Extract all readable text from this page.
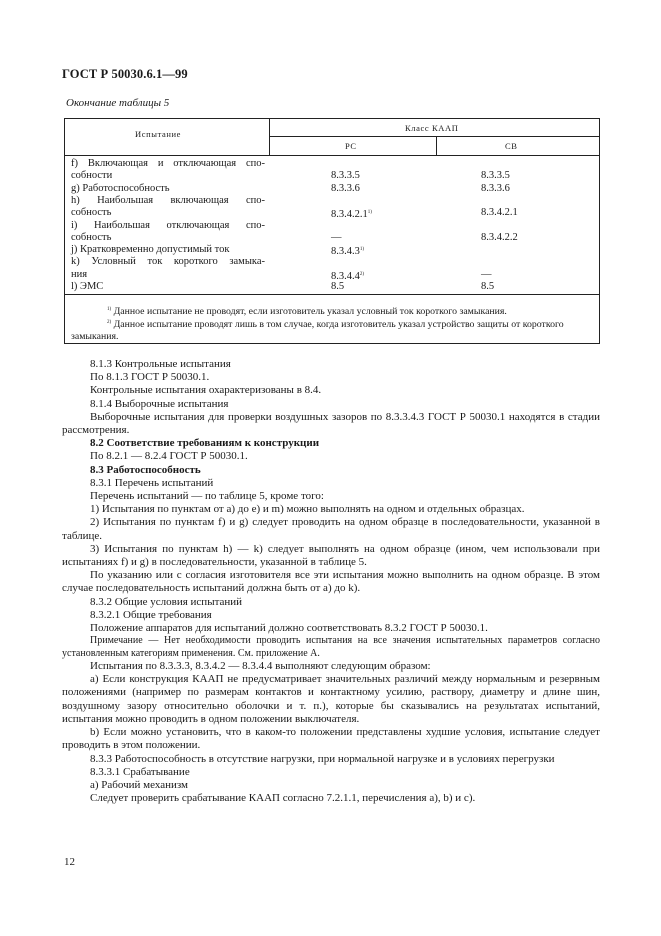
ГОСТ Р 50030.6.1—99
Окончание таблицы 5
Испытание
Класс КААП
РС	СВ
f) Включающая и отключающая спо-
собности	8.3.3.5	8.3.3.5
g) Работоспособность	8.3.3.6	8.3.3.6
h) Наибольшая включающая спо-
собность	8.3.4.2.1$^{1)}$	8.3.4.2.1
i) Наибольшая отключающая спо-
собность	—	8.3.4.2.2
j) Кратковременно допустимый ток	8.3.4.3$^{1)}$
k) Условный ток короткого замыка-
ния	8.3.4.4$^{2)}$	—
l) ЭМС	8.5	8.5
$^{1)}$ Данное испытание не проводят, если изготовитель указал условный ток короткого замыкания.
$^{2)}$ Данное испытание проводят лишь в том случае, когда изготовитель указал устройство защиты от короткого замыкания.

8.1.3 Контрольные испытания

По 8.1.3 ГОСТ Р 50030.1.

Контрольные испытания охарактеризованы в 8.4.

8.1.4 Выборочные испытания

Выборочные испытания для проверки воздушных зазоров по 8.3.3.4.3 ГОСТ Р 50030.1 находятся в стадии рассмотрения.

8.2 Соответствие требованиям к конструкции

По 8.2.1 — 8.2.4 ГОСТ Р 50030.1.

8.3 Работоспособность

8.3.1 Перечень испытаний

Перечень испытаний — по таблице 5, кроме того:

1) Испытания по пунктам от a) до e) и m) можно выполнять на одном и отдельных образцах.

2) Испытания по пунктам f) и g) следует проводить на одном образце в последовательности, указанной в таблице.

3) Испытания по пунктам h) — k) следует выполнять на одном образце (ином, чем использовали при испытаниях f) и g) в последовательности, указанной в таблице 5.

По указанию или с согласия изготовителя все эти испытания можно выполнить на одном образце. В этом случае последовательность испытаний должна быть от a) до k).

8.3.2 Общие условия испытаний

8.3.2.1 Общие требования

Положение аппаратов для испытаний должно соответствовать 8.3.2 ГОСТ Р 50030.1.

Примечание — Нет необходимости проводить испытания на все значения испытательных параметров согласно установленным категориям применения. См. приложение А.

Испытания по 8.3.3.3, 8.3.4.2 — 8.3.4.4 выполняют следующим образом:

a) Если конструкция КААП не предусматривает значительных различий между нормальным и резервным положениями (например по размерам контактов и контактному усилию, раствору, диаметру и длине шин, воздушному зазору относительно оболочки и т. п.), которые бы сказывались на результатах испытаний, испытания можно проводить в одном положении выключателя.

b) Если можно установить, что в каком-то положении представлены худшие условия, испытание следует проводить в этом положении.

8.3.3 Работоспособность в отсутствие нагрузки, при нормальной нагрузке и в условиях перегрузки

8.3.3.1 Срабатывание

a) Рабочий механизм

Следует проверить срабатывание КААП согласно 7.2.1.1, перечисления a), b) и c).

12
